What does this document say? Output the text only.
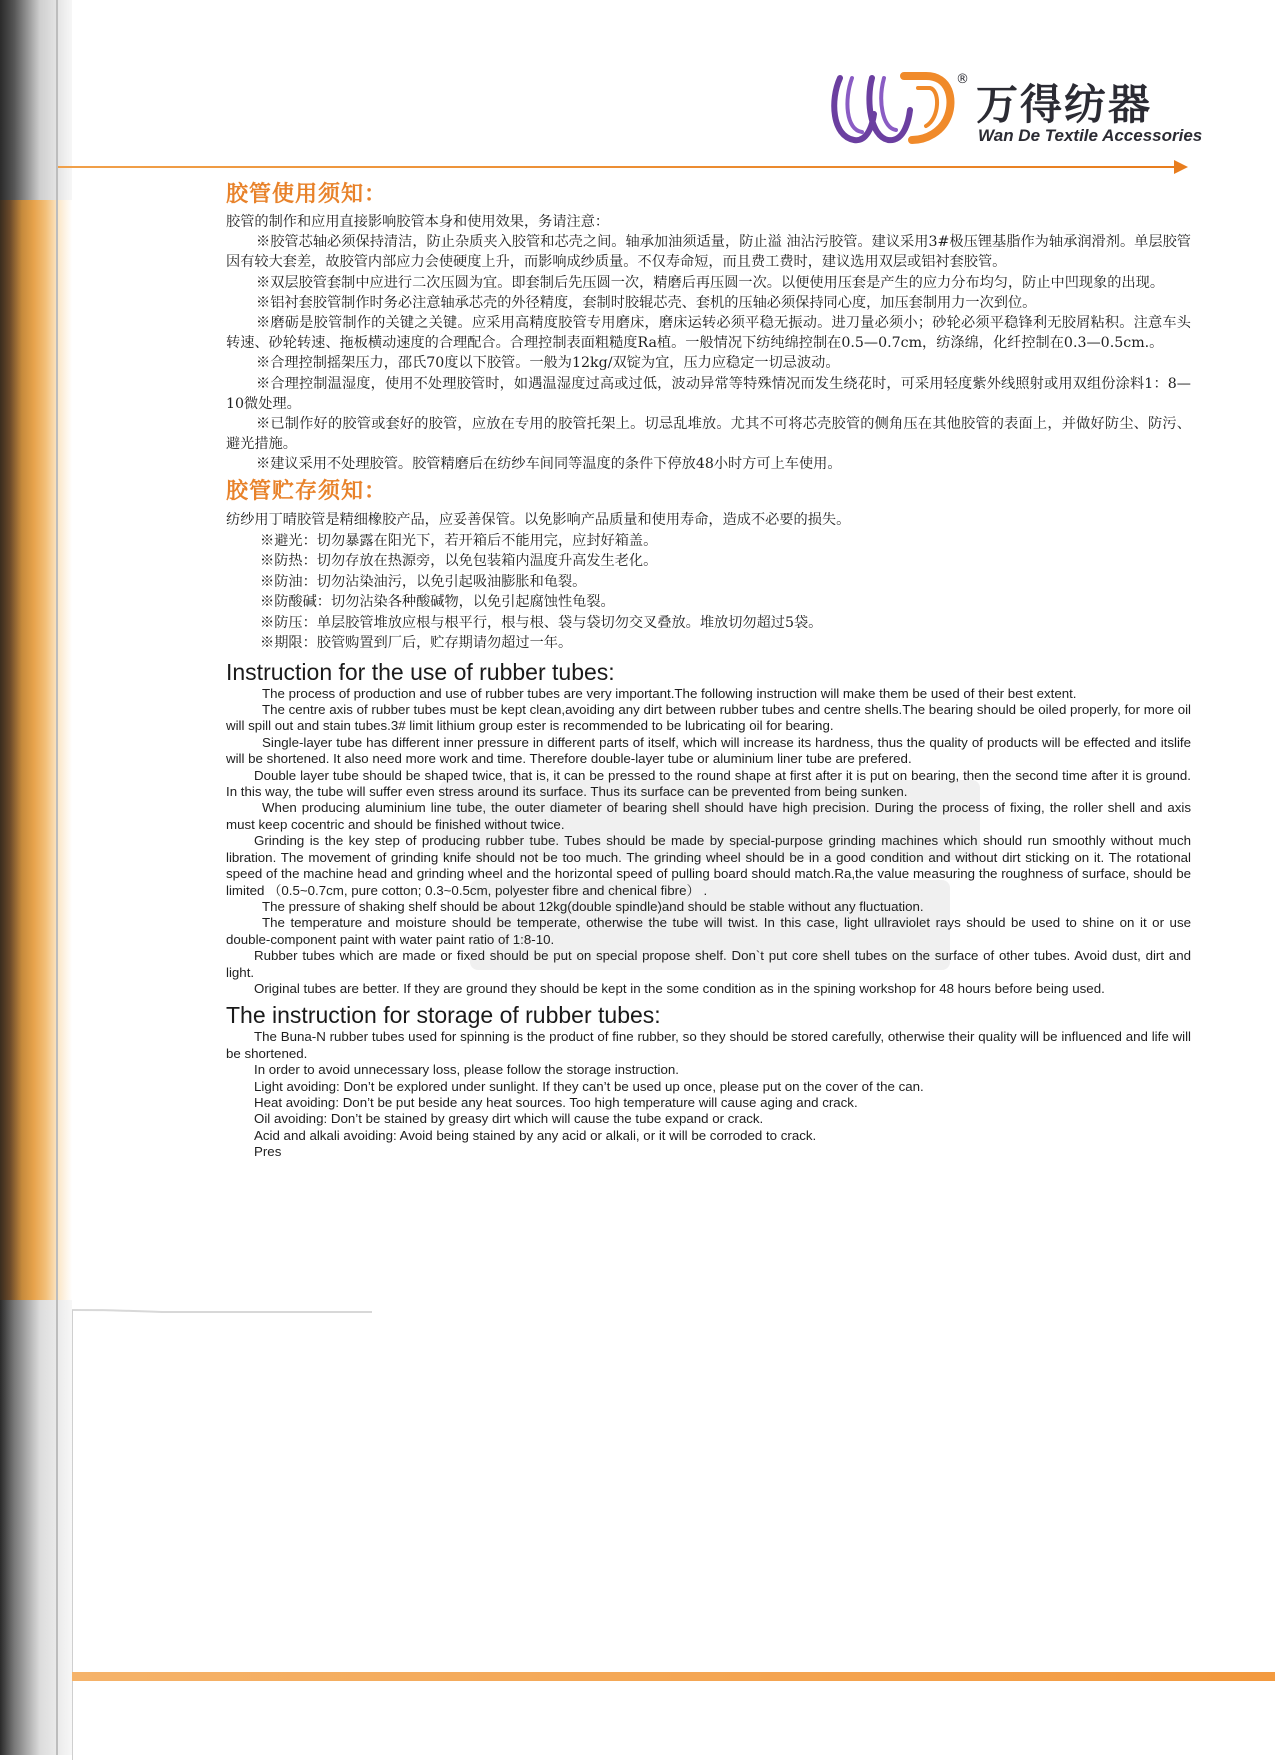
®
万得纺器
Wan De Textile Accessories
胶管使用须知：

胶管的制作和应用直接影响胶管本身和使用效果，务请注意：

※胶管芯轴必须保持清洁，防止杂质夹入胶管和芯壳之间。轴承加油须适量，防止溢 油沾污胶管。建议采用3#极压锂基脂作为轴承润滑剂。单层胶管因有较大套差，故胶管内部应力会使硬度上升，而影响成纱质量。不仅寿命短，而且费工费时，建议选用双层或铝衬套胶管。

※双层胶管套制中应进行二次压圆为宜。即套制后先压圆一次，精磨后再压圆一次。以便使用压套是产生的应力分布均匀，防止中凹现象的出现。

※铝衬套胶管制作时务必注意轴承芯壳的外径精度，套制时胶辊芯壳、套机的压轴必须保持同心度，加压套制用力一次到位。

※磨砺是胶管制作的关键之关键。应采用高精度胶管专用磨床，磨床运转必须平稳无振动。进刀量必须小；砂轮必须平稳锋利无胶屑粘积。注意车头转速、砂轮转速、拖板横动速度的合理配合。合理控制表面粗糙度Ra植。一般情况下纺纯绵控制在0.5—0.7cm，纺涤绵，化纤控制在0.3—0.5cm.。

※合理控制摇架压力，邵氏70度以下胶管。一般为12kg/双锭为宜，压力应稳定一切忌波动。

※合理控制温湿度，使用不处理胶管时，如遇温湿度过高或过低，波动异常等特殊情况而发生绕花时，可采用轻度紫外线照射或用双组份涂料1：8—10微处理。

※已制作好的胶管或套好的胶管，应放在专用的胶管托架上。切忌乱堆放。尤其不可将芯壳胶管的侧角压在其他胶管的表面上，并做好防尘、防污、避光措施。

※建议采用不处理胶管。胶管精磨后在纺纱车间同等温度的条件下停放48小时方可上车使用。

胶管贮存须知：

纺纱用丁晴胶管是精细橡胶产品，应妥善保管。以免影响产品质量和使用寿命，造成不必要的损失。

※避光：切勿暴露在阳光下，若开箱后不能用完，应封好箱盖。
※防热：切勿存放在热源旁，以免包装箱内温度升高发生老化。
※防油：切勿沾染油污，以免引起吸油膨胀和龟裂。
※防酸碱：切勿沾染各种酸碱物，以免引起腐蚀性龟裂。
※防压：单层胶管堆放应根与根平行，根与根、袋与袋切勿交叉叠放。堆放切勿超过5袋。
※期限：胶管购置到厂后，贮存期请勿超过一年。
Instruction for the use of rubber tubes:

The process of production and use of rubber tubes are very important.The following instruction will make them be used of their best extent.

The centre axis of rubber tubes must be kept clean,avoiding any dirt between rubber tubes and centre shells.The bearing should be oiled properly, for more oil will spill out and stain tubes.3# limit lithium group ester is recommended to be lubricating oil for bearing.

Single-layer tube has different inner pressure in different parts of itself, which will increase its hardness, thus the quality of products will be effected and itslife will be shortened. It also need more work and time. Therefore double-layer tube or aluminium liner tube are prefered.

Double layer tube should be shaped twice, that is, it can be pressed to the round shape at first after it is put on bearing, then the second time after it is ground. In this way, the tube will suffer even stress around its surface. Thus its surface can be prevented from being sunken.

When producing aluminium line tube, the outer diameter of bearing shell should have high precision. During the process of fixing, the roller shell and axis must keep cocentric and should be finished without twice.

Grinding is the key step of producing rubber tube. Tubes should be made by special-purpose grinding machines which should run smoothly without much libration. The movement of grinding knife should not be too much. The grinding wheel should be in a good condition and without dirt sticking on it. The rotational speed of the machine head and grinding wheel and the horizontal speed of pulling board should match.Ra,the value measuring the roughness of surface, should be limited （0.5~0.7cm, pure cotton; 0.3~0.5cm, polyester fibre and chenical fibre） .

The pressure of shaking shelf should be about 12kg(double spindle)and should be stable without any fluctuation.

The temperature and moisture should be temperate, otherwise the tube will twist. In this case, light ullraviolet rays should be used to shine on it or use double-component paint with water paint ratio of 1:8-10.

Rubber tubes which are made or fixed should be put on special propose shelf. Don`t put core shell tubes on the surface of other tubes. Avoid dust, dirt and light.

Original tubes are better. If they are ground they should be kept in the some condition as in the spining workshop for 48 hours before being used.

The instruction for storage of rubber tubes:

The Buna-N rubber tubes used for spinning is the product of fine rubber, so they should be stored carefully, otherwise their quality will be influenced and life will be shortened.

In order to avoid unnecessary loss, please follow the storage instruction.

Light avoiding: Don’t be explored under sunlight. If they can’t be used up once, please put on the cover of the can.

Heat avoiding: Don’t be put beside any heat sources. Too high temperature will cause aging and crack.

Oil avoiding: Don’t be stained by greasy dirt which will cause the tube expand or crack.

Acid and alkali avoiding: Avoid being stained by any acid or alkali, or it will be corroded to crack.

Pres
